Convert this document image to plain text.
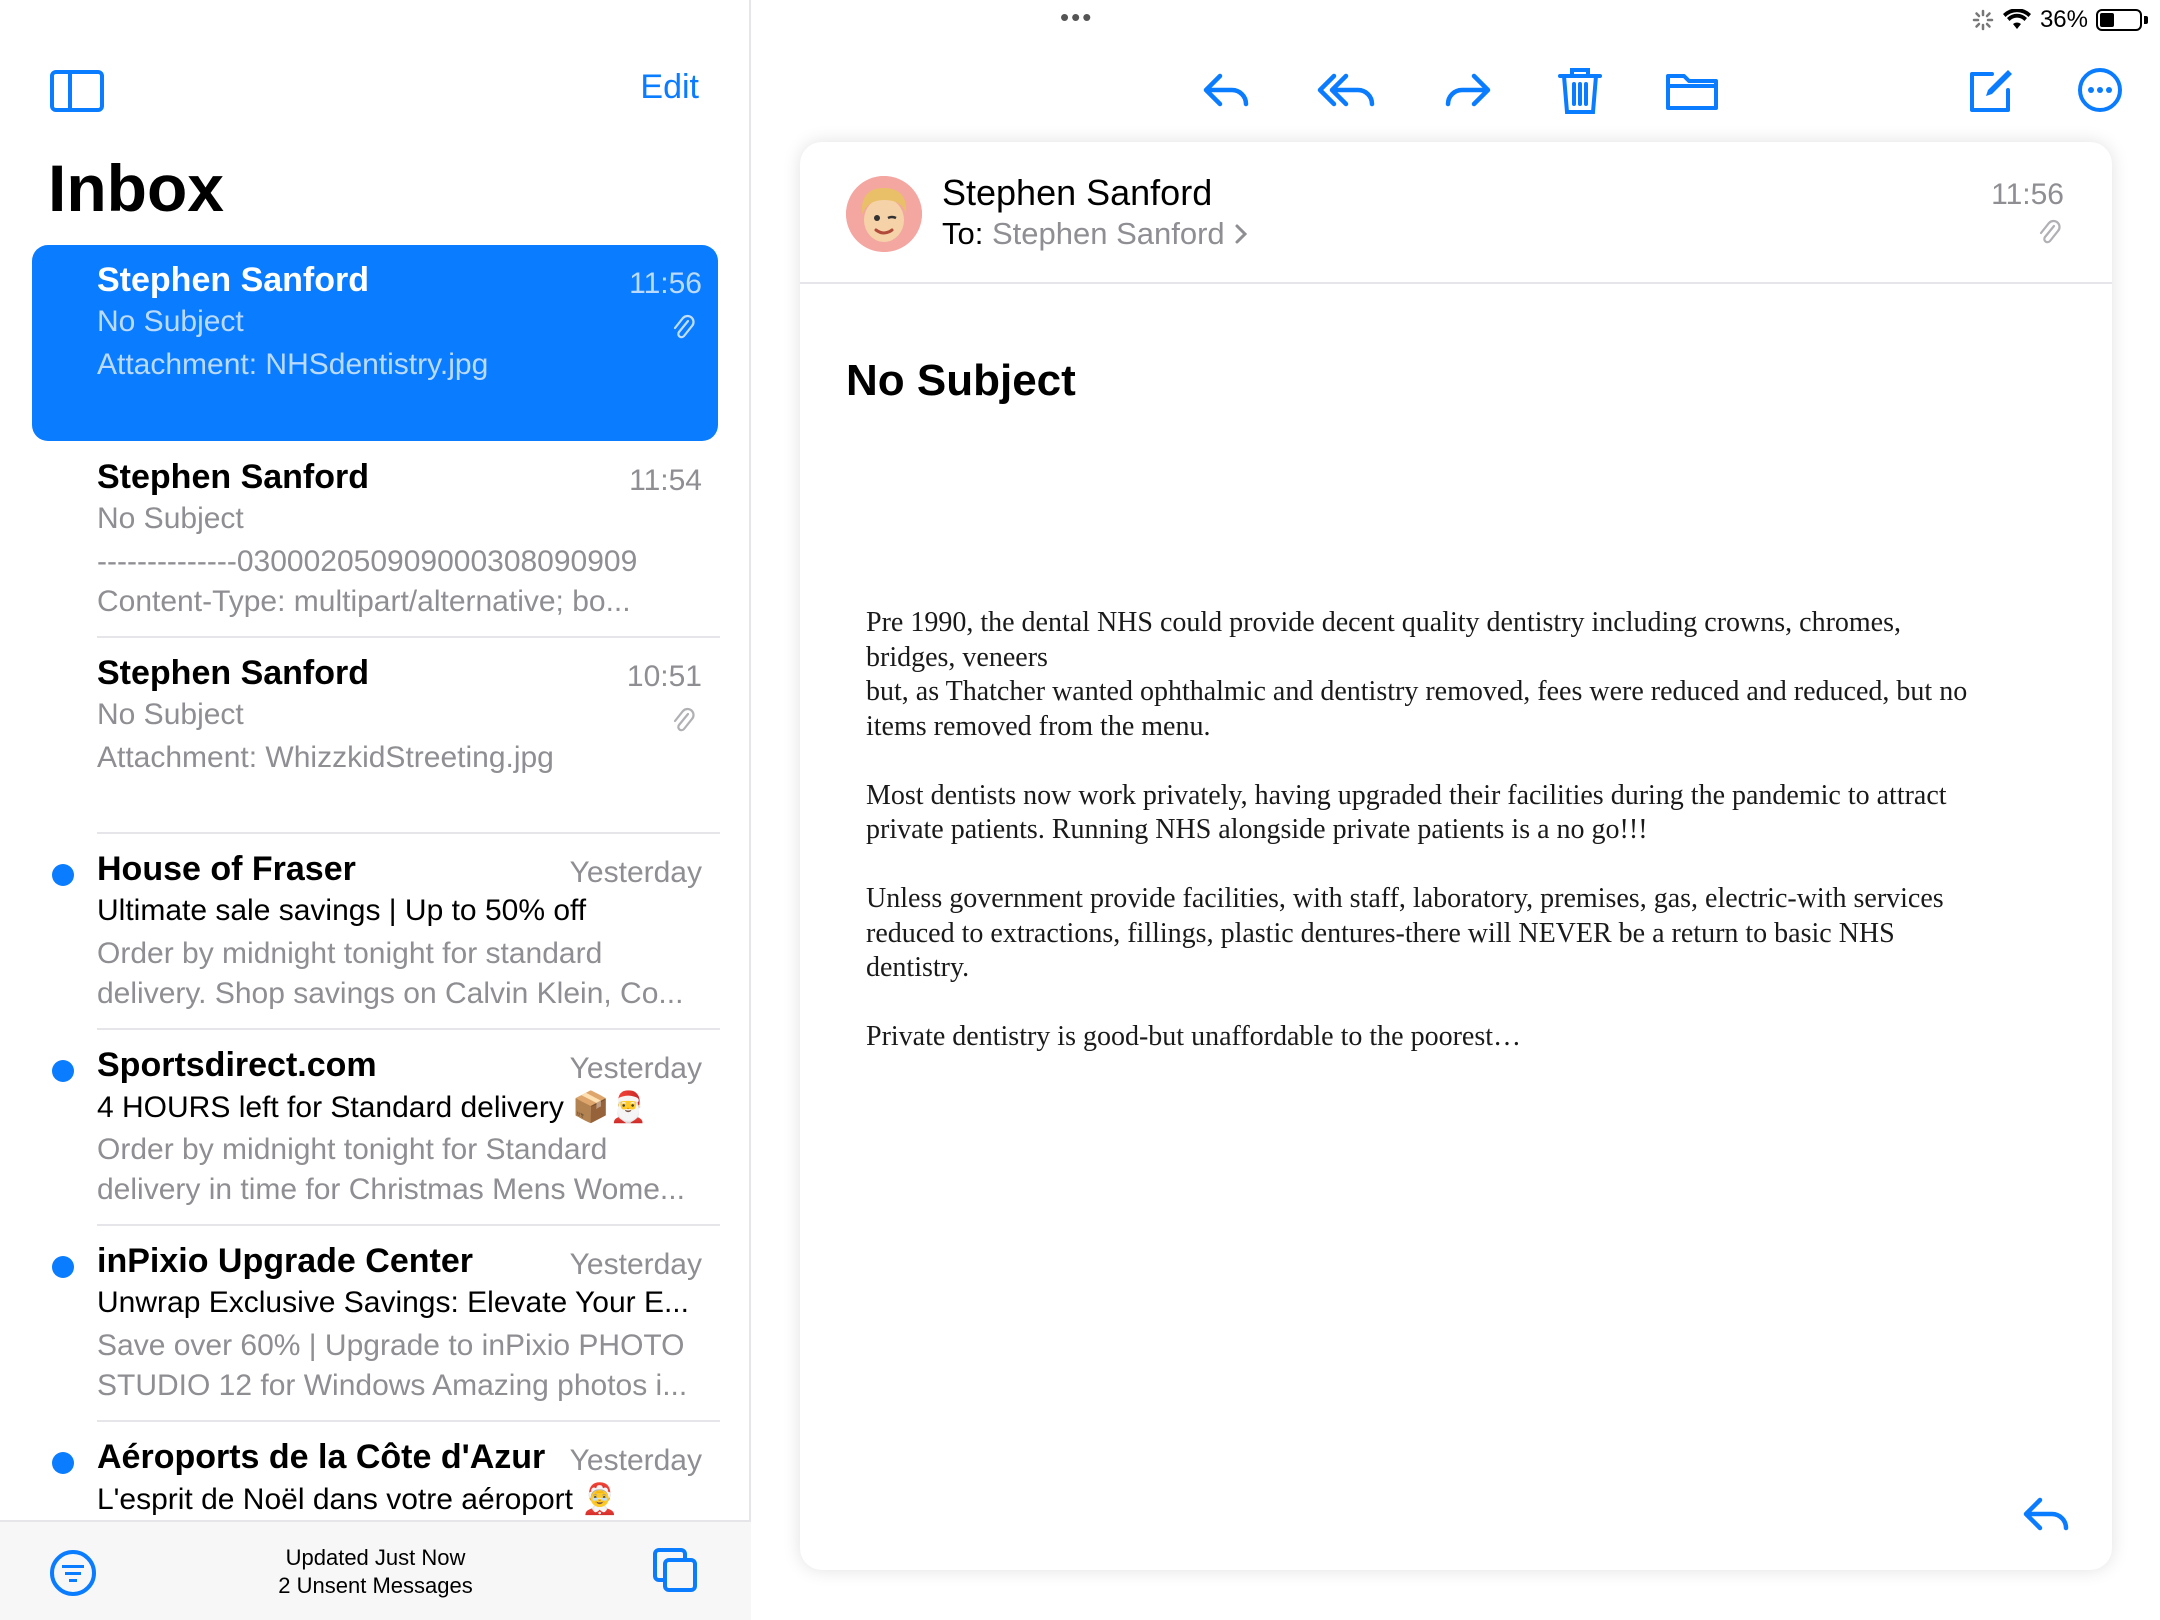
•••	36%
Edit
Inbox
Stephen Sanford	11:56
No Subject
Attachment: NHSdentistry.jpg
Stephen Sanford	11:54
No Subject
--------------030002050909000308090909 Content-Type: multipart/alternative; bo...
Stephen Sanford	10:51
No Subject
Attachment: WhizzkidStreeting.jpg
House of Fraser	Yesterday
Ultimate sale savings | Up to 50% off
Order by midnight tonight for standard delivery. Shop savings on Calvin Klein, Co...
Sportsdirect.com	Yesterday
4 HOURS left for Standard delivery 📦🎅
Order by midnight tonight for Standard delivery in time for Christmas Mens Wome...
inPixio Upgrade Center	Yesterday
Unwrap Exclusive Savings: Elevate Your E...
Save over 60% | Upgrade to inPixio PHOTO STUDIO 12 for Windows Amazing photos i...
Aéroports de la Côte d'Azur Yesterday
L'esprit de Noël dans votre aéroport 🤶
Updated Just Now
2 Unsent Messages
Stephen Sanford
To: Stephen Sanford
11:56
No Subject

Pre 1990, the dental NHS could provide decent quality dentistry including crowns, chromes,
bridges, veneers
but, as Thatcher wanted ophthalmic and dentistry removed, fees were reduced and reduced, but no
items removed from the menu.

Most dentists now work privately, having upgraded their facilities during the pandemic to attract
private patients. Running NHS alongside private patients is a no go!!!

Unless government provide facilities, with staff, laboratory, premises, gas, electric-with services
reduced to extractions, fillings, plastic dentures-there will NEVER be a return to basic NHS
dentistry.

Private dentistry is good-but unaffordable to the poorest…
